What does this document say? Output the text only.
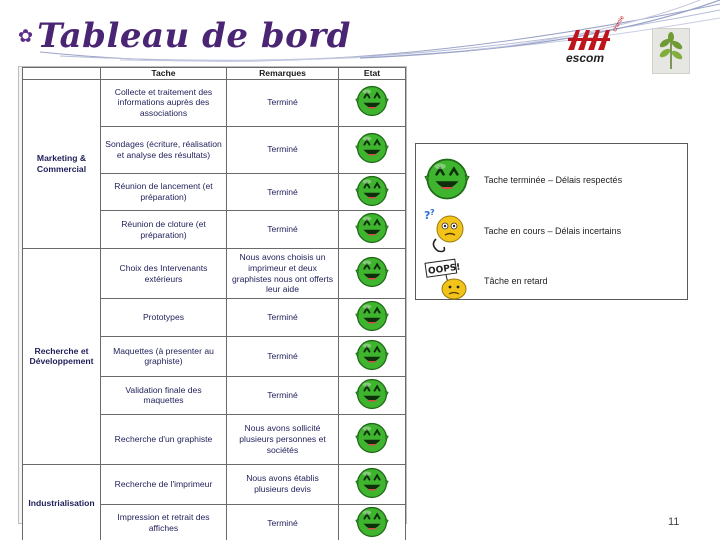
✿ Tableau de bord
escom
chimie
	Tache	Remarques	Etat
Marketing & Commercial	Collecte et traitement des informations auprès des associations	Terminé	

	Sondages (écriture, réalisation et analyse des résultats)	Terminé	

	Réunion de lancement (et préparation)	Terminé	

	Réunion de cloture (et préparation)	Terminé	

Recherche et Développement	Choix des Intervenants extérieurs	Nous avons choisis un imprimeur et deux graphistes nous ont offerts leur aide	

	Prototypes	Terminé	

	Maquettes (à presenter au graphiste)	Terminé	

	Validation finale des maquettes	Terminé	

	Recherche d'un graphiste	Nous avons sollicité plusieurs personnes et sociétés	

Industrialisation	Recherche de l'imprimeur	Nous avons établis plusieurs devis	

	Impression et retrait des affiches	Terminé	
Tache terminée – Délais respectés
? ?
Tache en cours – Délais incertains
OOPS!
Tâche en retard
11
